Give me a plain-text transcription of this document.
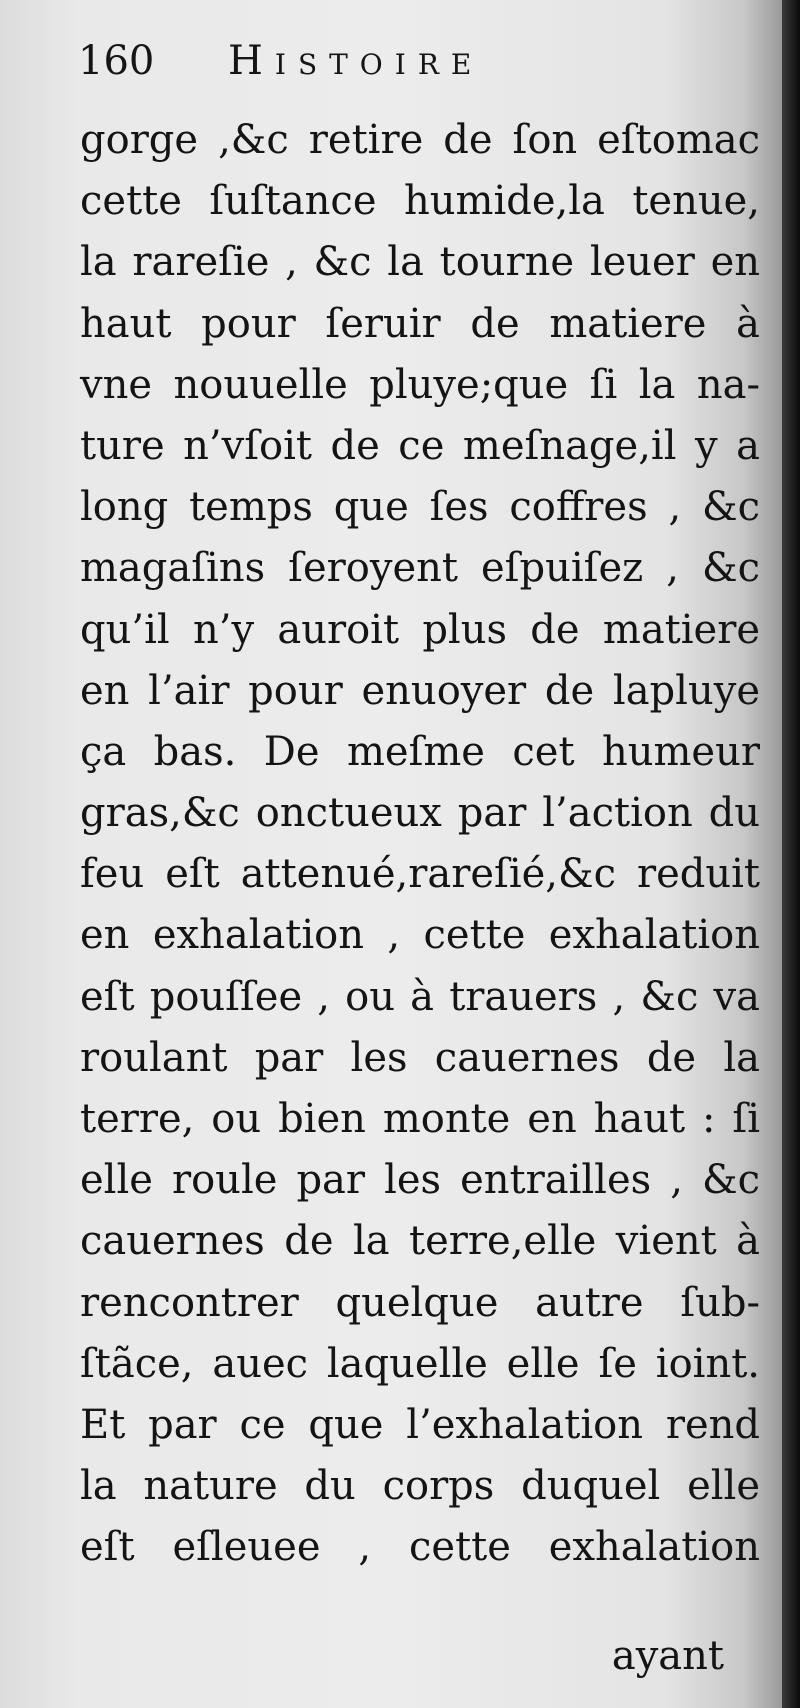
160 Histoire
gorge ,&c retire de ſon eſtomac
cette ſuſtance humide,la tenue,
la rareſie , &c la tourne leuer en
haut pour ſeruir de matiere à
vne nouuelle pluye;que ſi la na-
ture n’vſoit de ce meſnage,il y a
long temps que ſes coffres , &c
magaſins ſeroyent eſpuiſez , &c
qu’il n’y auroit plus de matiere
en l’air pour enuoyer de lapluye
ça bas. De meſme cet humeur
gras,&c onctueux par l’action du
feu eſt attenué,rareſié,&c reduit
en exhalation , cette exhalation
eſt pouſſee , ou à trauers , &c va
roulant par les cauernes de la
terre, ou bien monte en haut : ſi
elle roule par les entrailles , &c
cauernes de la terre,elle vient à
rencontrer quelque autre ſub-
ſtãce, auec laquelle elle ſe ioint.
Et par ce que l’exhalation rend
la nature du corps duquel elle
eſt eſleuee , cette exhalation
ayant
